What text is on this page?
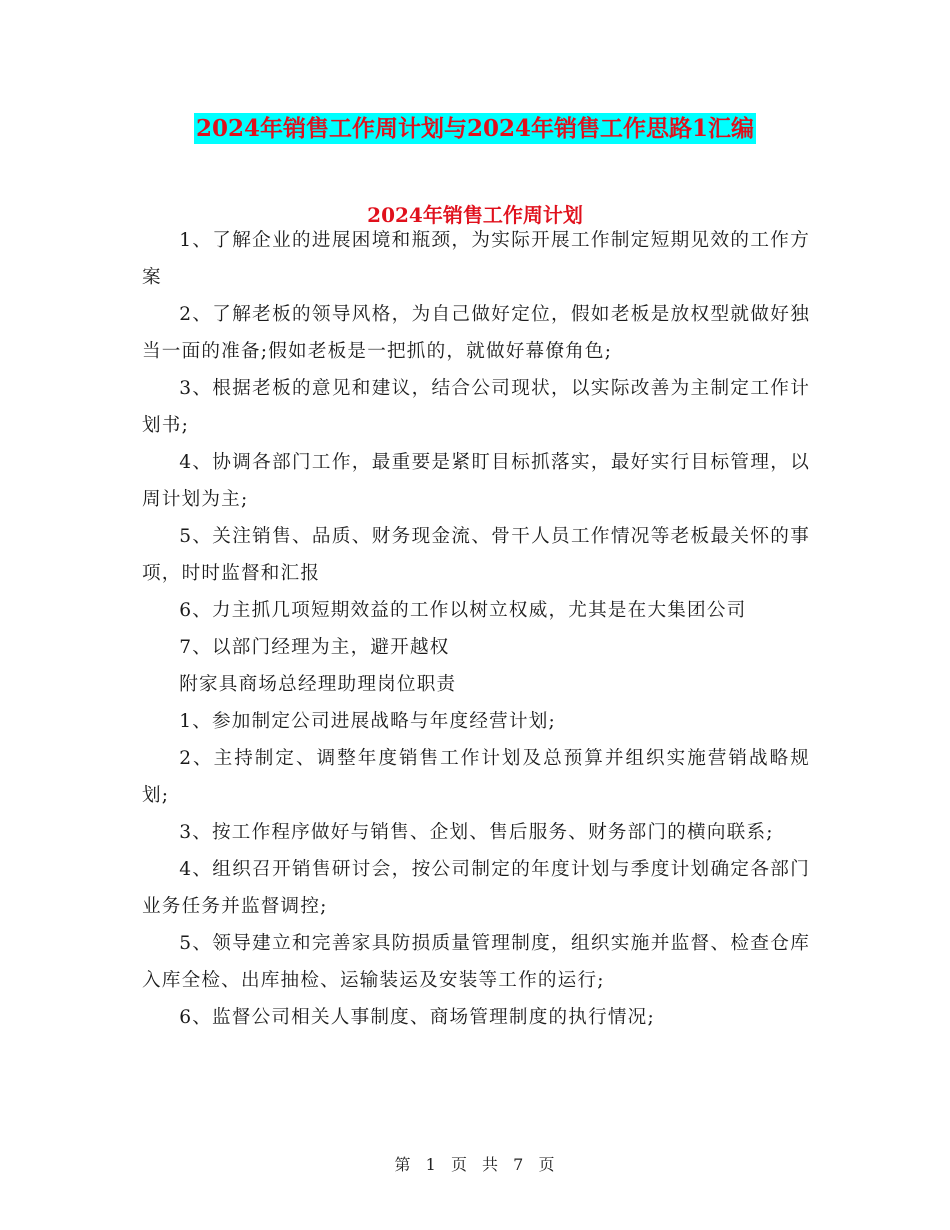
2024年销售工作周计划与2024年销售工作思路1汇编
2024年销售工作周计划

1、了解企业的进展困境和瓶颈，为实际开展工作制定短期见效的工作方案

2、了解老板的领导风格，为自己做好定位，假如老板是放权型就做好独当一面的准备;假如老板是一把抓的，就做好幕僚角色;

3、根据老板的意见和建议，结合公司现状，以实际改善为主制定工作计划书;

4、协调各部门工作，最重要是紧盯目标抓落实，最好实行目标管理，以周计划为主;

5、关注销售、品质、财务现金流、骨干人员工作情况等老板最关怀的事项，时时监督和汇报

6、力主抓几项短期效益的工作以树立权威，尤其是在大集团公司

7、以部门经理为主，避开越权

附家具商场总经理助理岗位职责

1、参加制定公司进展战略与年度经营计划;

2、主持制定、调整年度销售工作计划及总预算并组织实施营销战略规划;

3、按工作程序做好与销售、企划、售后服务、财务部门的横向联系;

4、组织召开销售研讨会，按公司制定的年度计划与季度计划确定各部门业务任务并监督调控;

5、领导建立和完善家具防损质量管理制度，组织实施并监督、检查仓库入库全检、出库抽检、运输装运及安装等工作的运行;

6、监督公司相关人事制度、商场管理制度的执行情况;

第 1 页 共 7 页
